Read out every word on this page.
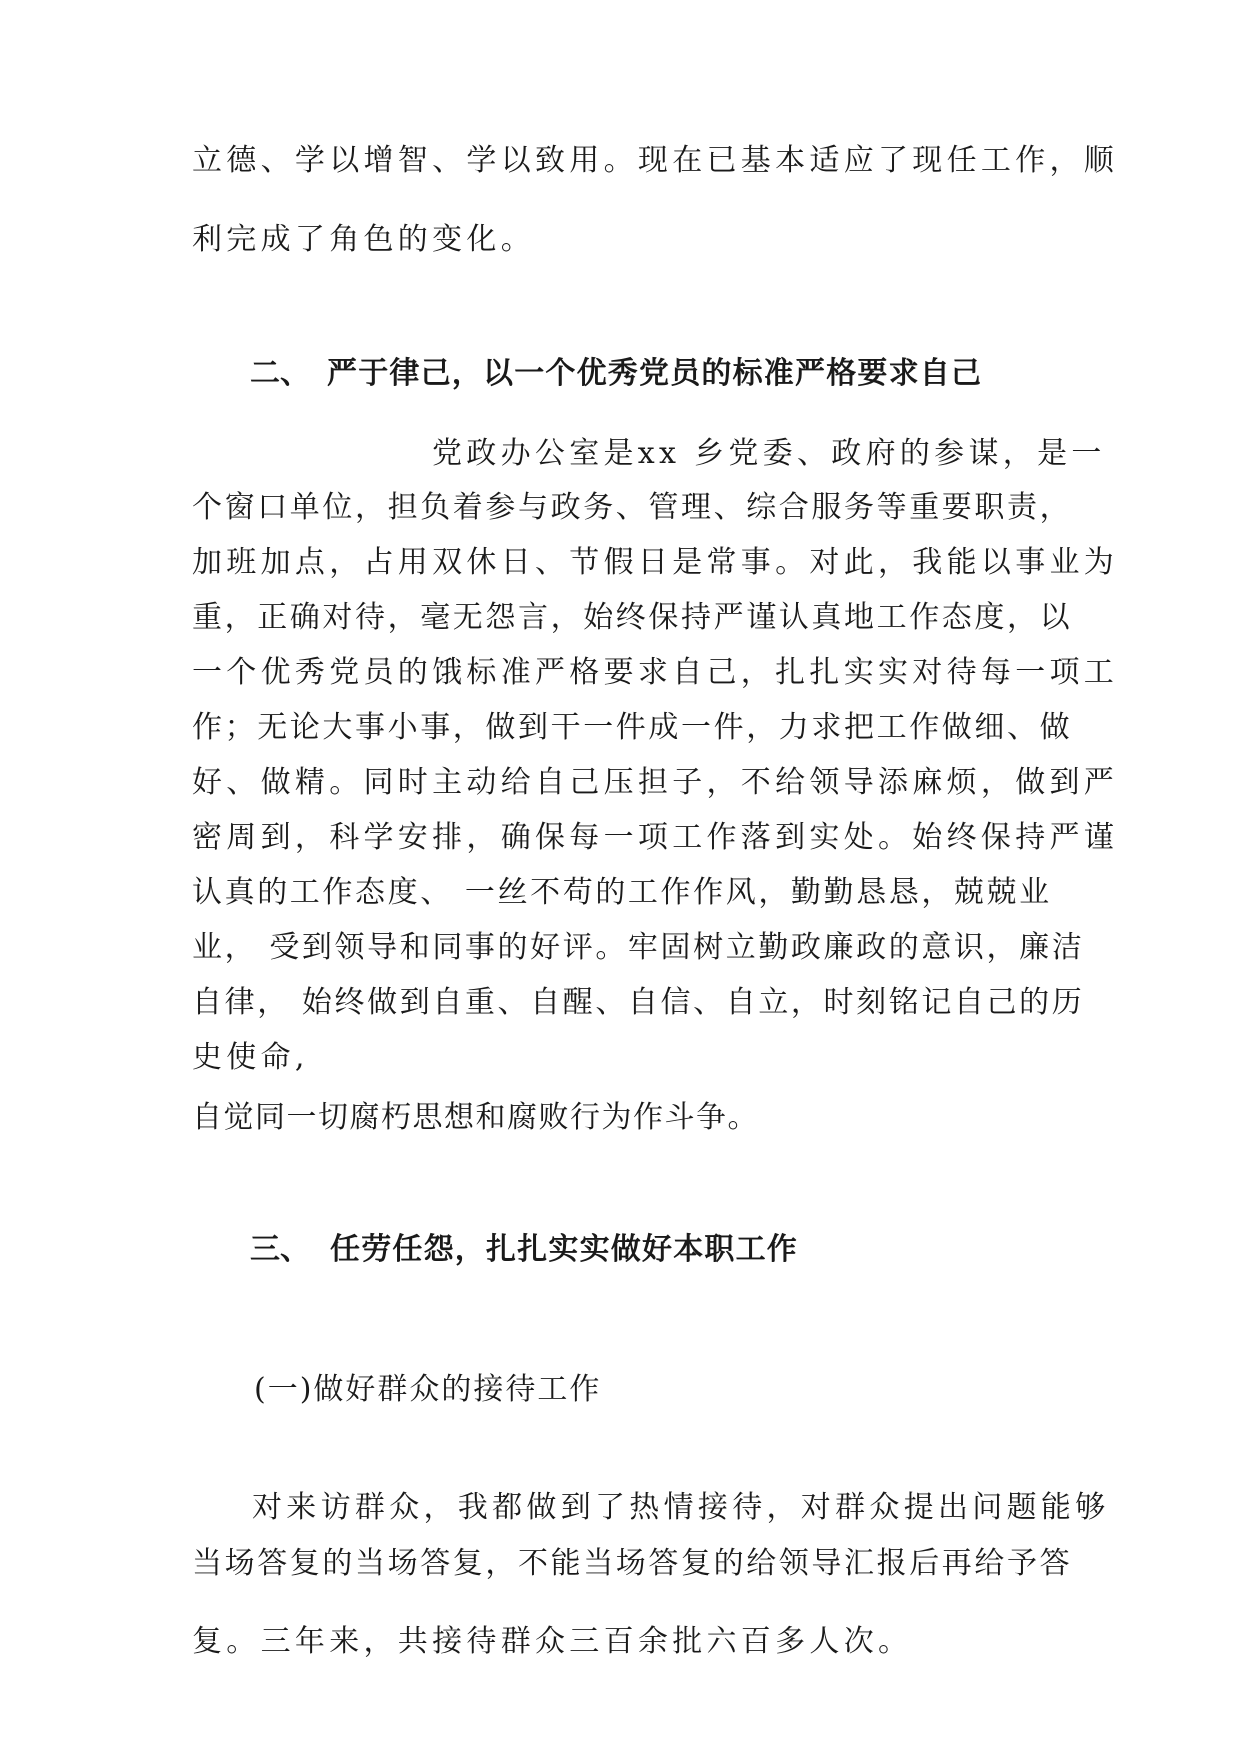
立德、学以增智、学以致用。现在已基本适应了现任工作，顺
利完成了角色的变化。
二、 严于律己，以一个优秀党员的标准严格要求自己
党政办公室是xx 乡党委、政府的参谋，是一
个窗口单位，担负着参与政务、管理、综合服务等重要职责，
加班加点，占用双休日、节假日是常事。对此，我能以事业为
重，正确对待，毫无怨言，始终保持严谨认真地工作态度，以
一个优秀党员的饿标准严格要求自己，扎扎实实对待每一项工
作；无论大事小事，做到干一件成一件，力求把工作做细、做
好、做精。同时主动给自己压担子，不给领导添麻烦，做到严
密周到，科学安排，确保每一项工作落到实处。始终保持严谨
认真的工作态度、 一丝不苟的工作作风，勤勤恳恳，兢兢业
业， 受到领导和同事的好评。牢固树立勤政廉政的意识，廉洁
自律， 始终做到自重、自醒、自信、自立，时刻铭记自己的历
史使命,
自觉同一切腐朽思想和腐败行为作斗争。
三、 任劳任怨，扎扎实实做好本职工作
(一)做好群众的接待工作
对来访群众，我都做到了热情接待，对群众提出问题能够
当场答复的当场答复，不能当场答复的给领导汇报后再给予答
复。三年来，共接待群众三百余批六百多人次。
